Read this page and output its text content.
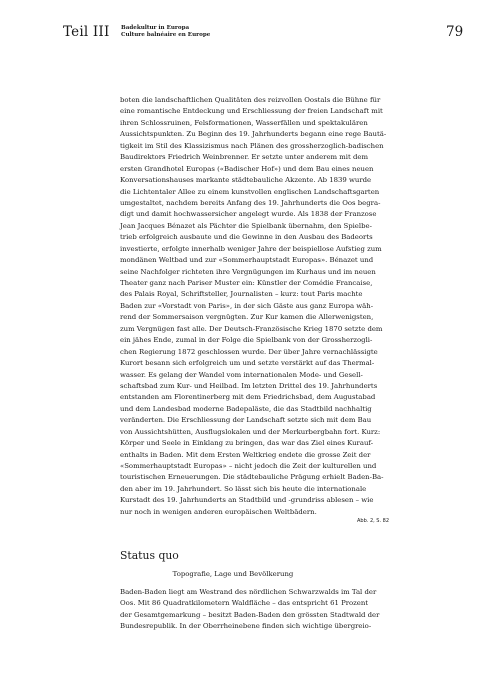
Teil III Badekultur in Europa
Culture balnéaire en Europe	79
boten die landschaftlichen Qualitäten des reizvollen Oostals die Bühne für
eine romantische Entdeckung und Erschliessung der freien Landschaft mit
ihren Schlossruinen, Felsformationen, Wasserfällen und spektakulären
Aussichtspunkten. Zu Beginn des 19. Jahrhunderts begann eine rege Bautä-
tigkeit im Stil des Klassizismus nach Plänen des grossherzoglich-badischen
Baudirektors Friedrich Weinbrenner. Er setzte unter anderem mit dem
ersten Grandhotel Europas («Badischer Hof») und dem Bau eines neuen
Konversationshauses markante städtebauliche Akzente. Ab 1839 wurde
die Lichtentaler Allee zu einem kunstvollen englischen Landschaftsgarten
umgestaltet, nachdem bereits Anfang des 19. Jahrhunderts die Oos begra-
digt und damit hochwassersicher angelegt wurde. Als 1838 der Franzose
Jean Jacques Bénazet als Pächter die Spielbank übernahm, den Spielbe-
trieb erfolgreich ausbaute und die Gewinne in den Ausbau des Badeorts
investierte, erfolgte innerhalb weniger Jahre der beispiellose Aufstieg zum
mondänen Weltbad und zur «Sommerhauptstadt Europas». Bénazet und
seine Nachfolger richteten ihre Vergnügungen im Kurhaus und im neuen
Theater ganz nach Pariser Muster ein: Künstler der Comédie Francaise,
des Palais Royal, Schriftsteller, Journalisten – kurz: tout Paris machte
Baden zur «Vorstadt von Paris», in der sich Gäste aus ganz Europa wäh-
rend der Sommersaison vergnügten. Zur Kur kamen die Allerwenigsten,
zum Vergnügen fast alle. Der Deutsch-Französische Krieg 1870 setzte dem
ein jähes Ende, zumal in der Folge die Spielbank von der Grossherzogli-
chen Regierung 1872 geschlossen wurde. Der über Jahre vernachlässigte
Kurort besann sich erfolgreich um und setzte verstärkt auf das Thermal-
wasser. Es gelang der Wandel vom internationalen Mode- und Gesell-
schaftsbad zum Kur- und Heilbad. Im letzten Drittel des 19. Jahrhunderts
entstanden am Florentinerberg mit dem Friedrichsbad, dem Augustabad
und dem Landesbad moderne Badepaläste, die das Stadtbild nachhaltig
veränderten. Die Erschliessung der Landschaft setzte sich mit dem Bau
von Aussichtshütten, Ausflugslokalen und der Merkurbergbahn fort. Kurz:
Körper und Seele in Einklang zu bringen, das war das Ziel eines Kurauf-
enthalts in Baden. Mit dem Ersten Weltkrieg endete die grosse Zeit der
«Sommerhauptstadt Europas» – nicht jedoch die Zeit der kulturellen und
touristischen Erneuerungen. Die städtebauliche Prägung erhielt Baden-Ba-
den aber im 19. Jahrhundert. So lässt sich bis heute die internationale
Kurstadt des 19. Jahrhunderts an Stadtbild und -grundriss ablesen – wie
nur noch in wenigen anderen europäischen Weltbädern.
Abb. 2, S. 82
Status quo
Topografie, Lage und Bevölkerung
Baden-Baden liegt am Westrand des nördlichen Schwarzwalds im Tal der
Oos. Mit 86 Quadratkilometern Waldfläche – das entspricht 61 Prozent
der Gesamtgemarkung – besitzt Baden-Baden den grössten Stadtwald der
Bundesrepublik. In der Oberrheinebene finden sich wichtige übergreio-
